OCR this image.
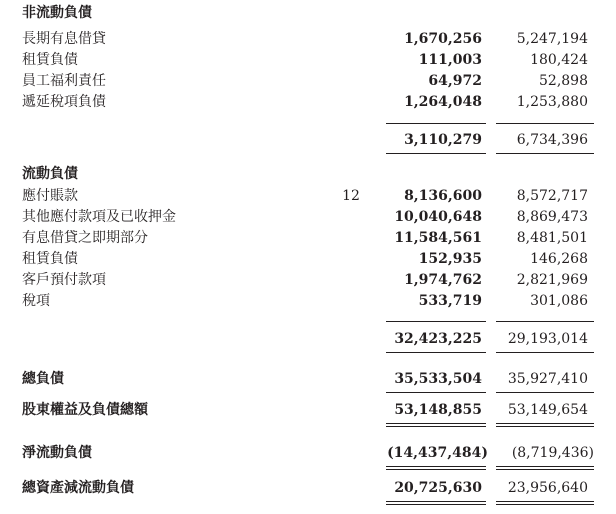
非流動負債
長期有息借貸	1,670,256	5,247,194
租賃負債	111,003	180,424
員工福利責任	64,972	52,898
遞延稅項負債	1,264,048	1,253,880
3,110,279	6,734,396
流動負債
應付賬款	12	8,136,600	8,572,717
其他應付款項及已收押金	10,040,648	8,869,473
有息借貸之即期部分	11,584,561	8,481,501
租賃負債	152,935	146,268
客戶預付款項	1,974,762	2,821,969
稅項	533,719	301,086
32,423,225	29,193,014
總負債	35,533,504	35,927,410
股東權益及負債總額	53,148,855	53,149,654
淨流動負債	(14,437,484)	(8,719,436)
總資產減流動負債	20,725,630	23,956,640
